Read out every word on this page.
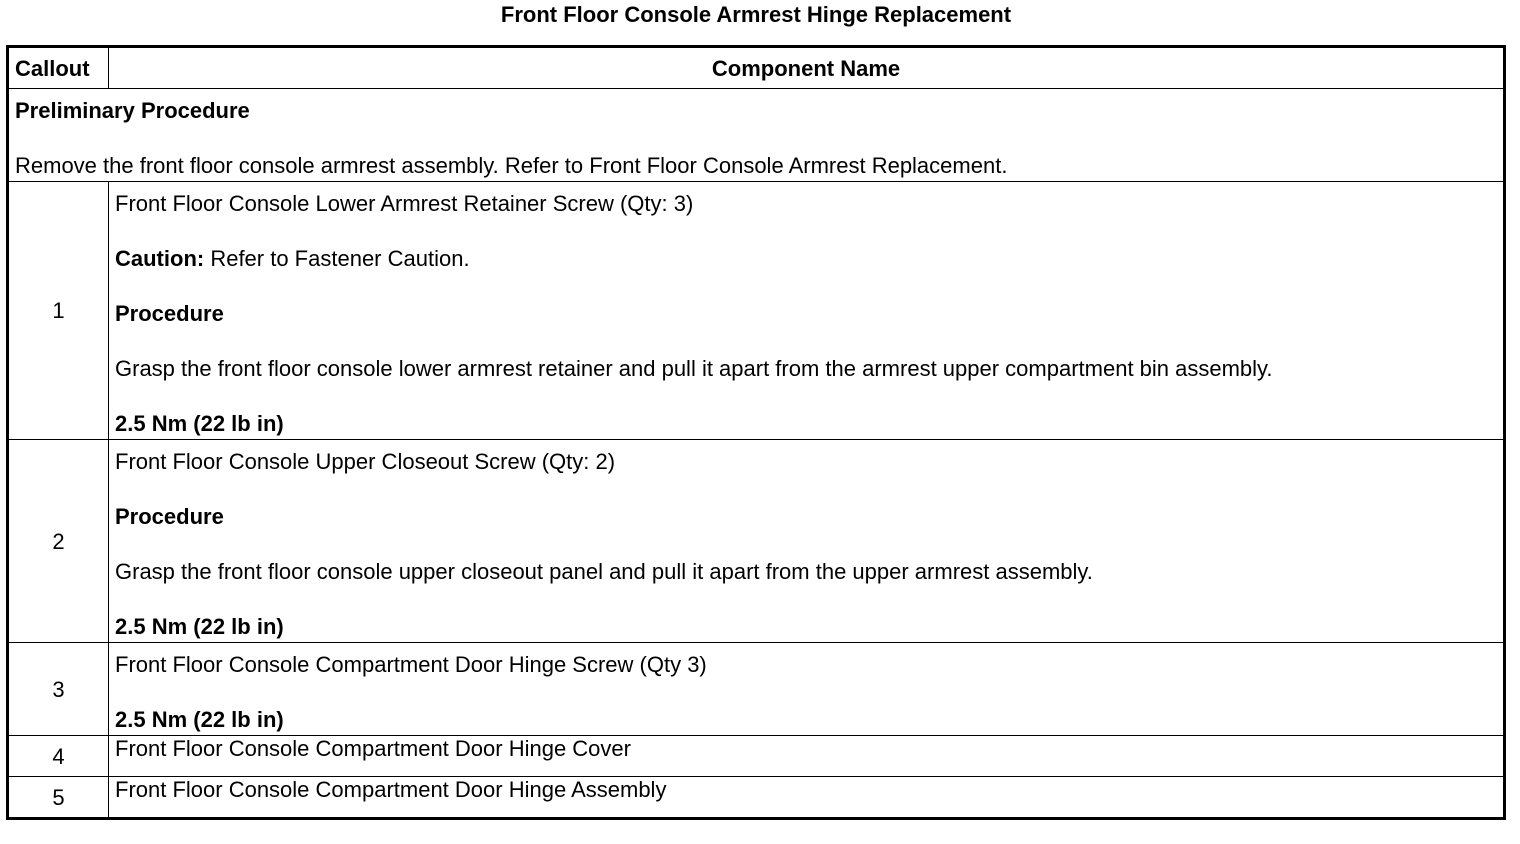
Front Floor Console Armrest Hinge Replacement
Callout	Component Name

Preliminary Procedure

Remove the front floor console armrest assembly. Refer to Front Floor Console Armrest Replacement.	

1	Front Floor Console Lower Armrest Retainer Screw (Qty: 3)

Caution: Refer to Fastener Caution.

Procedure

Grasp the front floor console lower armrest retainer and pull it apart from the armrest upper compartment bin assembly.

2.5 Nm (22 lb in)

2	Front Floor Console Upper Closeout Screw (Qty: 2)

Procedure

Grasp the front floor console upper closeout panel and pull it apart from the upper armrest assembly.

2.5 Nm (22 lb in)

3	Front Floor Console Compartment Door Hinge Screw (Qty 3)

2.5 Nm (22 lb in)

4	Front Floor Console Compartment Door Hinge Cover
5	Front Floor Console Compartment Door Hinge Assembly
